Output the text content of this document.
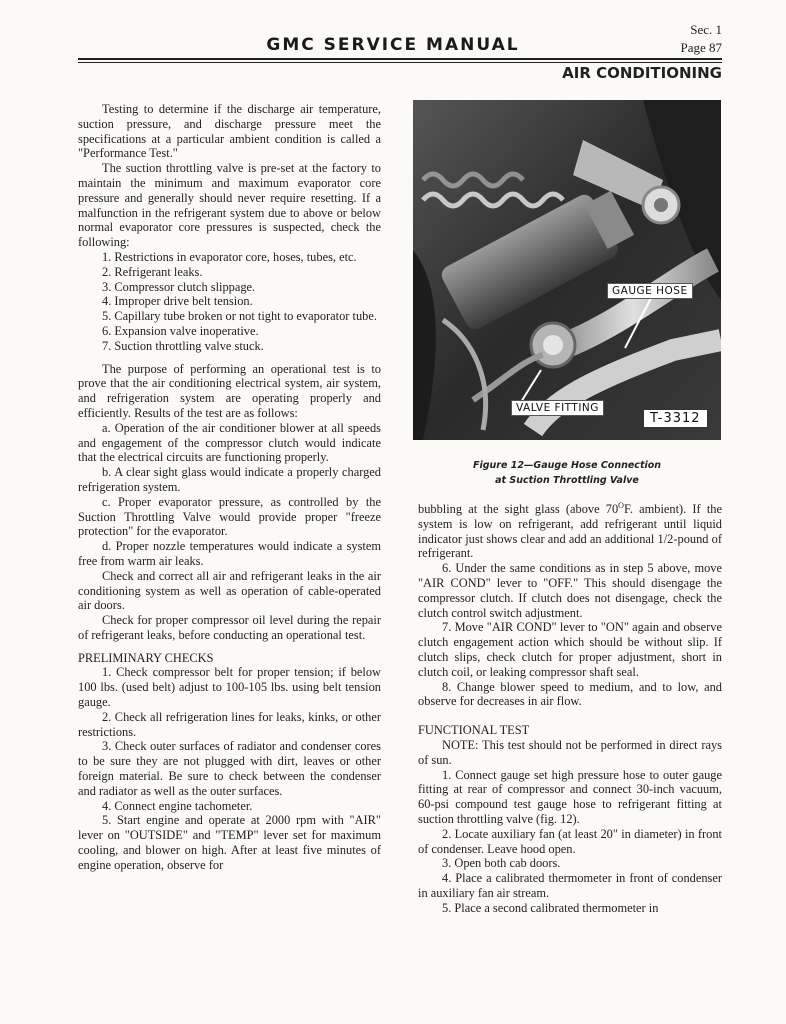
GMC SERVICE MANUAL
Sec. 1
Page 87
AIR CONDITIONING

Testing to determine if the discharge air temperature, suction pressure, and discharge pressure meet the specifications at a particular ambient condition is called a "Performance Test."

The suction throttling valve is pre-set at the factory to maintain the minimum and maximum evaporator core pressure and generally should never require resetting. If a malfunction in the refrigerant system due to above or below normal evaporator core pressures is suspected, check the following:

1. Restrictions in evaporator core, hoses, tubes, etc.

2. Refrigerant leaks.

3. Compressor clutch slippage.

4. Improper drive belt tension.

5. Capillary tube broken or not tight to evaporator tube.

6. Expansion valve inoperative.

7. Suction throttling valve stuck.

The purpose of performing an operational test is to prove that the air conditioning electrical system, air system, and refrigeration system are operating properly and efficiently. Results of the test are as follows:

a. Operation of the air conditioner blower at all speeds and engagement of the compressor clutch would indicate that the electrical circuits are functioning properly.

b. A clear sight glass would indicate a properly charged refrigeration system.

c. Proper evaporator pressure, as controlled by the Suction Throttling Valve would provide proper "freeze protection" for the evaporator.

d. Proper nozzle temperatures would indicate a system free from warm air leaks.

Check and correct all air and refrigerant leaks in the air conditioning system as well as operation of cable-operated air doors.

Check for proper compressor oil level during the repair of refrigerant leaks, before conducting an operational test.

PRELIMINARY CHECKS

1. Check compressor belt for proper tension; if below 100 lbs. (used belt) adjust to 100-105 lbs. using belt tension gauge.

2. Check all refrigeration lines for leaks, kinks, or other restrictions.

3. Check outer surfaces of radiator and condenser cores to be sure they are not plugged with dirt, leaves or other foreign material. Be sure to check between the condenser and radiator as well as the outer surfaces.

4. Connect engine tachometer.

5. Start engine and operate at 2000 rpm with "AIR" lever on "OUTSIDE" and "TEMP" lever set for maximum cooling, and blower on high. After at least five minutes of engine operation, observe for

GAUGE HOSE
VALVE FITTING
T-3312
Figure 12—Gauge Hose Connection
at Suction Throttling Valve

bubbling at the sight glass (above $70^OF$. ambient). If the system is low on refrigerant, add refrigerant until liquid indicator just shows clear and add an additional 1/2-pound of refrigerant.

6. Under the same conditions as in step 5 above, move "AIR COND" lever to "OFF." This should disengage the compressor clutch. If clutch does not disengage, check the clutch control switch adjustment.

7. Move "AIR COND" lever to "ON" again and observe clutch engagement action which should be without slip. If clutch slips, check clutch for proper adjustment, short in clutch coil, or leaking compressor shaft seal.

8. Change blower speed to medium, and to low, and observe for decreases in air flow.

FUNCTIONAL TEST

NOTE: This test should not be performed in direct rays of sun.

1. Connect gauge set high pressure hose to outer gauge fitting at rear of compressor and connect 30-inch vacuum, 60-psi compound test gauge hose to refrigerant fitting at suction throttling valve (fig. 12).

2. Locate auxiliary fan (at least 20" in diameter) in front of condenser. Leave hood open.

3. Open both cab doors.

4. Place a calibrated thermometer in front of condenser in auxiliary fan air stream.

5. Place a second calibrated thermometer in
